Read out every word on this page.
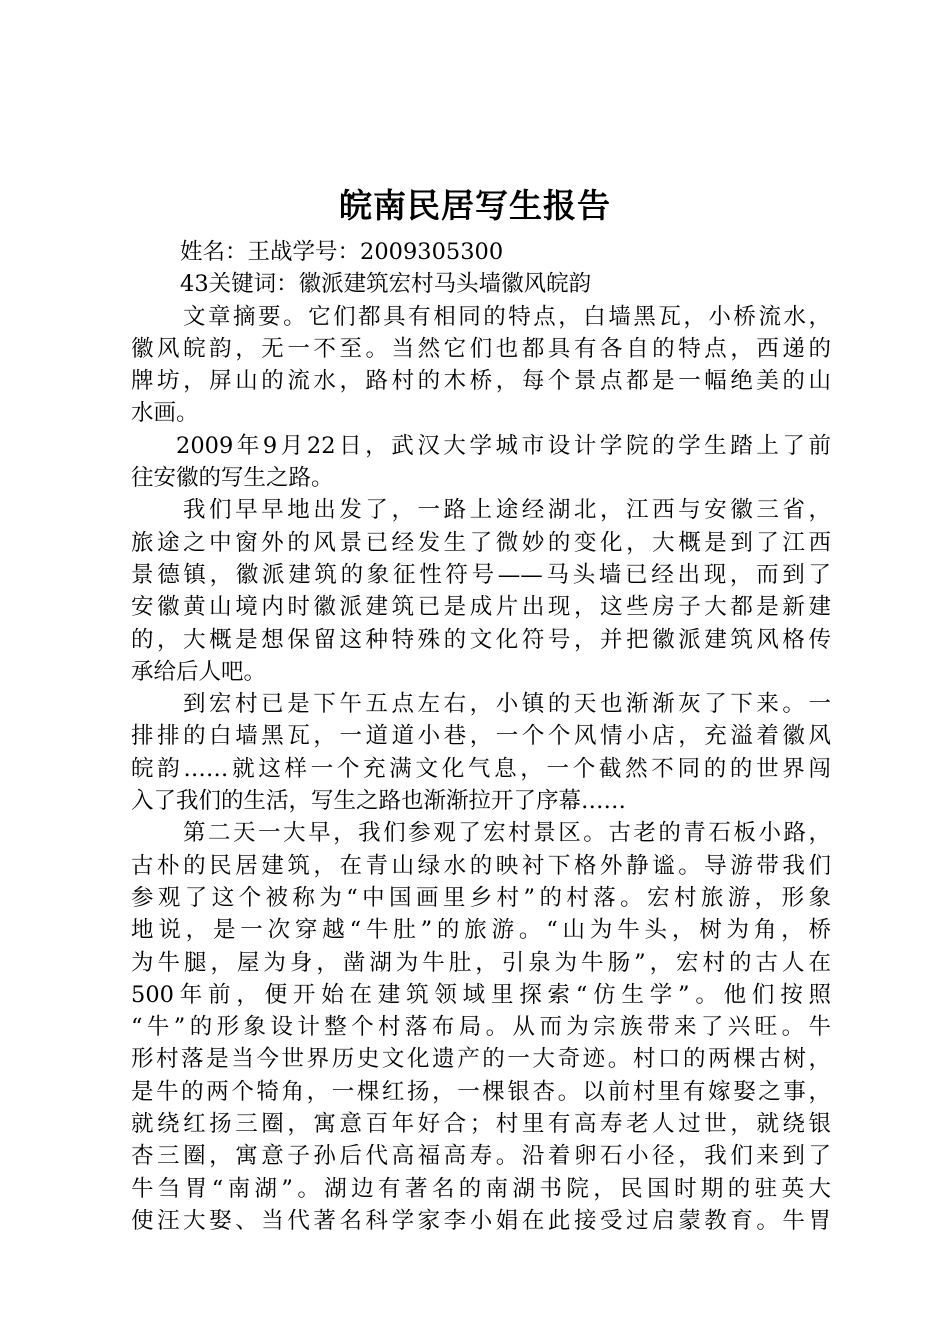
皖南民居写生报告
姓名：王战学号：2009305300
43关键词：徽派建筑宏村马头墙徽风皖韵
文章摘要。它们都具有相同的特点，白墙黑瓦，小桥流水，
徽风皖韵，无一不至。当然它们也都具有各自的特点，西递的
牌坊，屏山的流水，路村的木桥，每个景点都是一幅绝美的山
水画。
2009年9月22日，武汉大学城市设计学院的学生踏上了前
往安徽的写生之路。
我们早早地出发了，一路上途经湖北，江西与安徽三省，
旅途之中窗外的风景已经发生了微妙的变化，大概是到了江西
景德镇，徽派建筑的象征性符号——马头墙已经出现，而到了
安徽黄山境内时徽派建筑已是成片出现，这些房子大都是新建
的，大概是想保留这种特殊的文化符号，并把徽派建筑风格传
承给后人吧。
到宏村已是下午五点左右，小镇的天也渐渐灰了下来。一
排排的白墙黑瓦，一道道小巷，一个个风情小店，充溢着徽风
皖韵……就这样一个充满文化气息，一个截然不同的的世界闯
入了我们的生活，写生之路也渐渐拉开了序幕……
第二天一大早，我们参观了宏村景区。古老的青石板小路，
古朴的民居建筑，在青山绿水的映衬下格外静谧。导游带我们
参观了这个被称为“中国画里乡村”的村落。宏村旅游，形象
地说，是一次穿越“牛肚”的旅游。“山为牛头，树为角，桥
为牛腿，屋为身，凿湖为牛肚，引泉为牛肠”，宏村的古人在
500年前，便开始在建筑领域里探索“仿生学”。他们按照
“牛”的形象设计整个村落布局。从而为宗族带来了兴旺。牛
形村落是当今世界历史文化遗产的一大奇迹。村口的两棵古树，
是牛的两个犄角，一棵红扬，一棵银杏。以前村里有嫁娶之事，
就绕红扬三圈，寓意百年好合；村里有高寿老人过世，就绕银
杏三圈，寓意子孙后代高福高寿。沿着卵石小径，我们来到了
牛刍胃“南湖”。湖边有著名的南湖书院，民国时期的驻英大
使汪大娶、当代著名科学家李小娟在此接受过启蒙教育。牛胃
